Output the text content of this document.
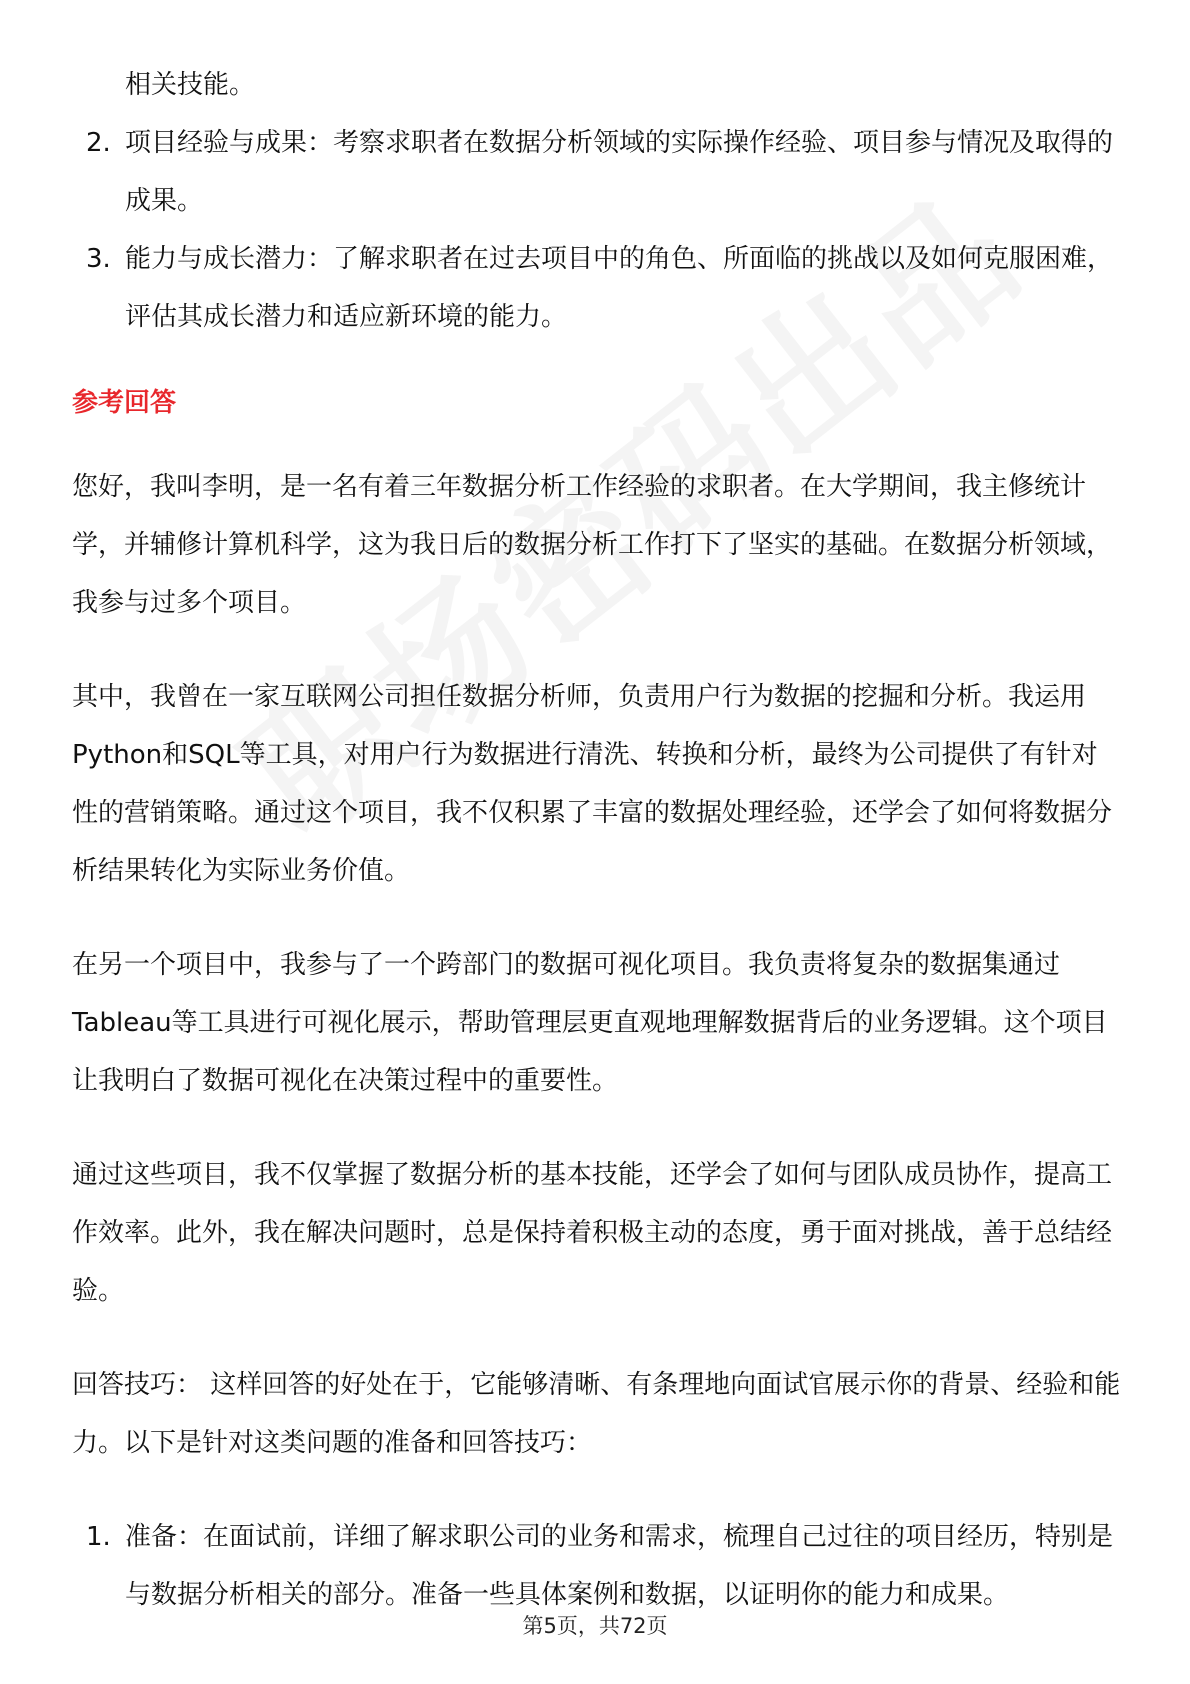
相关技能。

2. 项目经验与成果：考察求职者在数据分析领域的实际操作经验、项目参与情况及取得的成果。
3. 能力与成长潜力：了解求职者在过去项目中的角色、所面临的挑战以及如何克服困难，评估其成长潜力和适应新环境的能力。

参考回答

您好，我叫李明，是一名有着三年数据分析工作经验的求职者。在大学期间，我主修统计学，并辅修计算机科学，这为我日后的数据分析工作打下了坚实的基础。在数据分析领域，我参与过多个项目。

其中，我曾在一家互联网公司担任数据分析师，负责用户行为数据的挖掘和分析。我运用Python和SQL等工具，对用户行为数据进行清洗、转换和分析，最终为公司提供了有针对性的营销策略。通过这个项目，我不仅积累了丰富的数据处理经验，还学会了如何将数据分析结果转化为实际业务价值。

在另一个项目中，我参与了一个跨部门的数据可视化项目。我负责将复杂的数据集通过Tableau等工具进行可视化展示，帮助管理层更直观地理解数据背后的业务逻辑。这个项目让我明白了数据可视化在决策过程中的重要性。

通过这些项目，我不仅掌握了数据分析的基本技能，还学会了如何与团队成员协作，提高工作效率。此外，我在解决问题时，总是保持着积极主动的态度，勇于面对挑战，善于总结经验。

回答技巧： 这样回答的好处在于，它能够清晰、有条理地向面试官展示你的背景、经验和能力。以下是针对这类问题的准备和回答技巧：

1. 准备：在面试前，详细了解求职公司的业务和需求，梳理自己过往的项目经历，特别是与数据分析相关的部分。准备一些具体案例和数据，以证明你的能力和成果。
第5页，共72页
